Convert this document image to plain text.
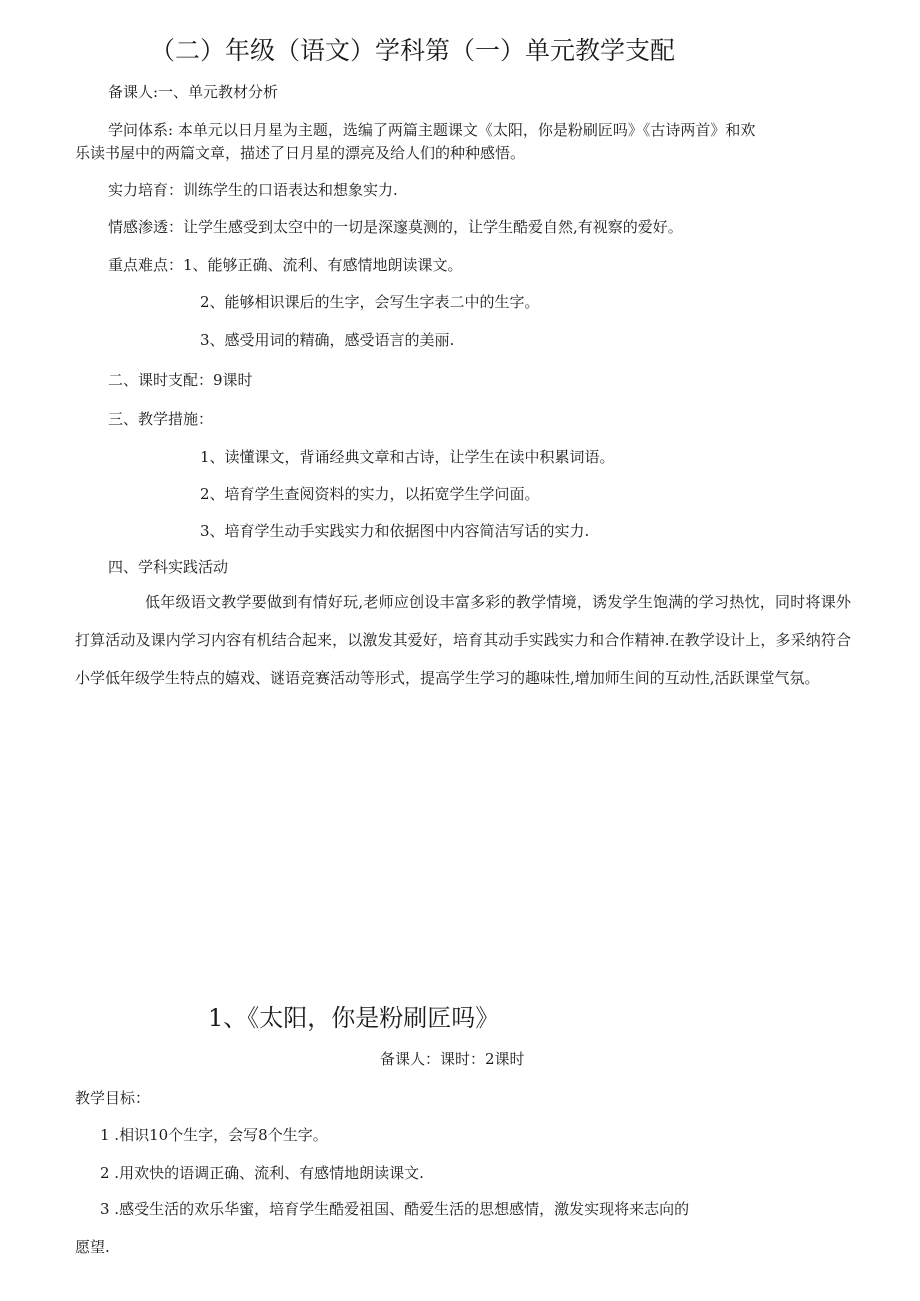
（二）年级（语文）学科第（一）单元教学支配
备课人:一、单元教材分析
学问体系: 本单元以日月星为主题，选编了两篇主题课文《太阳，你是粉刷匠吗》《古诗两首》和欢
乐读书屋中的两篇文章，描述了日月星的漂亮及给人们的种种感悟。
实力培育：训练学生的口语表达和想象实力.
情感渗透：让学生感受到太空中的一切是深邃莫测的，让学生酷爱自然,有视察的爱好。
重点难点：1、能够正确、流利、有感情地朗读课文。
2、能够相识课后的生字，会写生字表二中的生字。
3、感受用词的精确，感受语言的美丽.
二、课时支配：9课时
三、教学措施：
1、读懂课文，背诵经典文章和古诗，让学生在读中积累词语。
2、培育学生查阅资料的实力，以拓宽学生学问面。
3、培育学生动手实践实力和依据图中内容简洁写话的实力.
四、学科实践活动
低年级语文教学要做到有情好玩,老师应创设丰富多彩的教学情境，诱发学生饱满的学习热忱，同时将课外打算活动及课内学习内容有机结合起来，以激发其爱好，培育其动手实践实力和合作精神.在教学设计上，多采纳符合小学低年级学生特点的嬉戏、谜语竞赛活动等形式，提高学生学习的趣味性,增加师生间的互动性,活跃课堂气氛。
1、《太阳，你是粉刷匠吗》
备课人：课时：2课时
教学目标：
1 .相识10个生字，会写8个生字。
2 .用欢快的语调正确、流利、有感情地朗读课文.
3 .感受生活的欢乐华蜜，培育学生酷爱祖国、酷爱生活的思想感情，激发实现将来志向的
愿望.
